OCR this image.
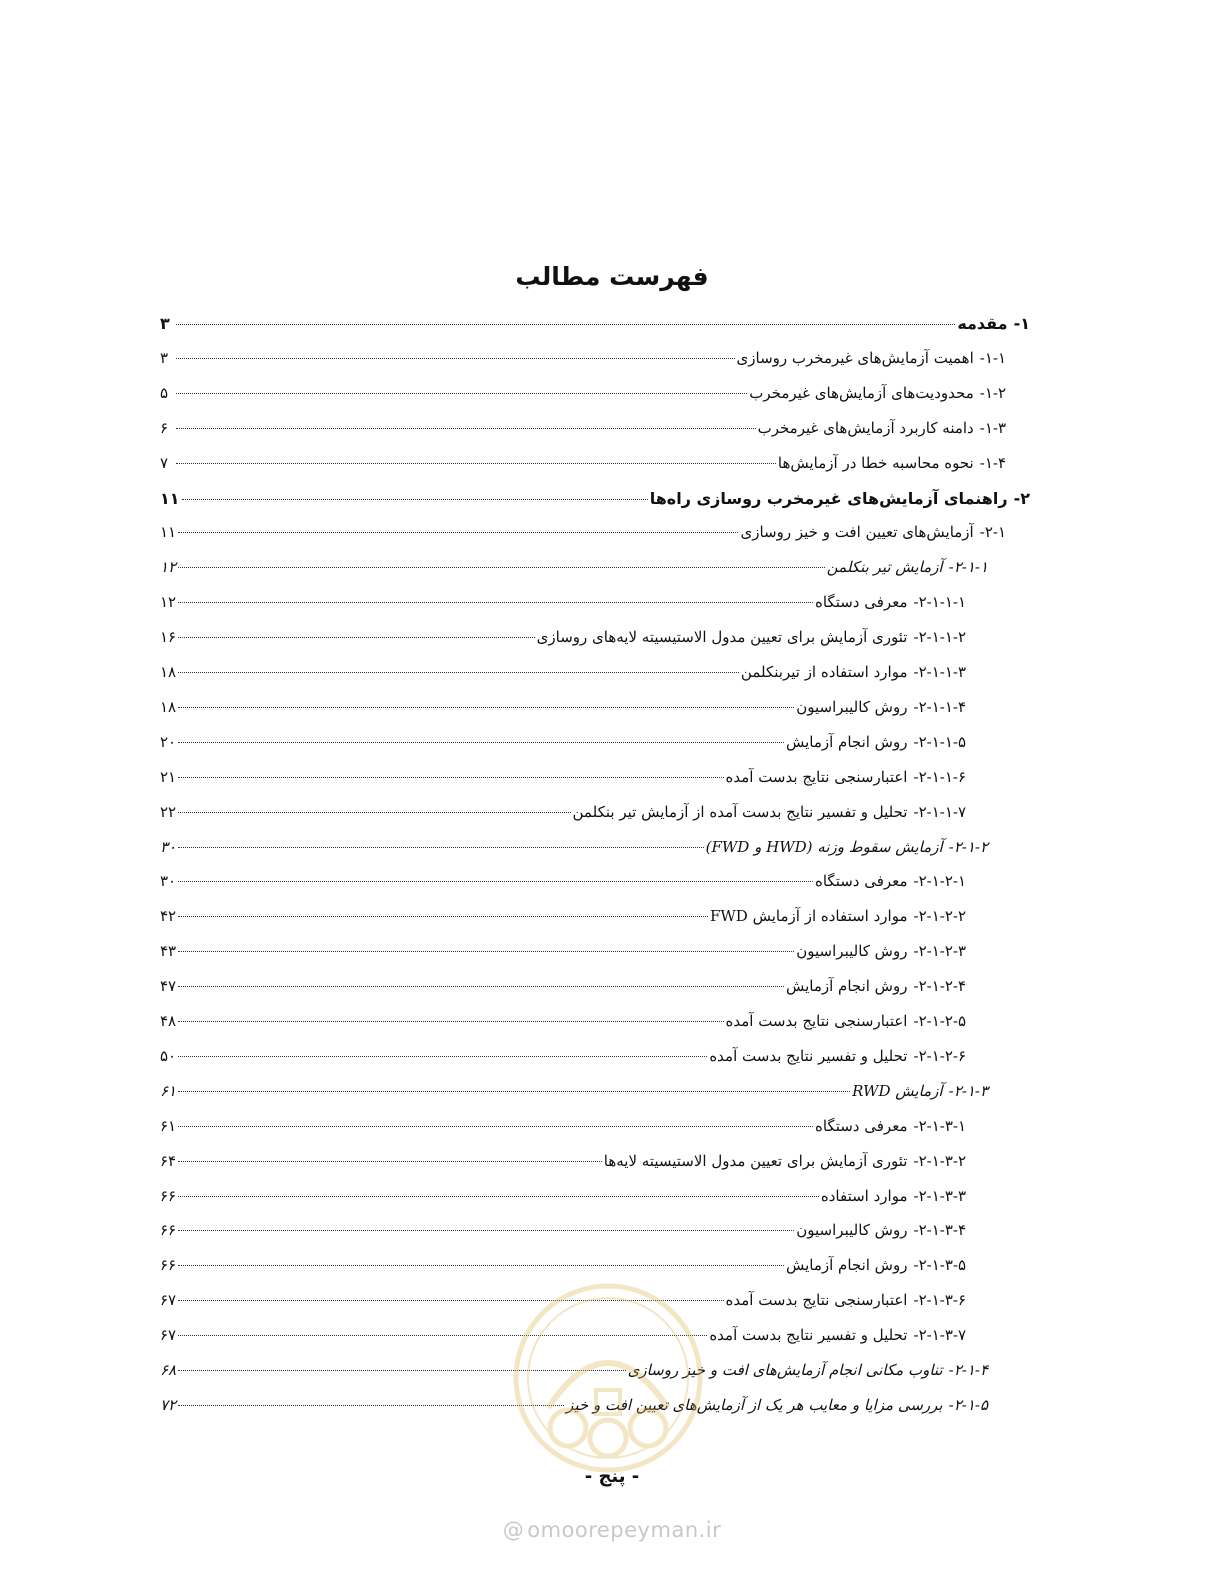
فهرست مطالب
۱-
مقدمه
۳
۱-۱-
اهمیت آزمایش‌های غیرمخرب روسازی
۳
۱-۲-
محدودیت‌های آزمایش‌های غیرمخرب
۵
۱-۳-
دامنه کاربرد آزمایش‌های غیرمخرب
۶
۱-۴-
نحوه محاسبه خطا در آزمایش‌ها
۷
۲-
راهنمای آزمایش‌های غیرمخرب روسازی راه‌ها
۱۱
۲-۱-
آزمایش‌های تعیین افت و خیز روسازی
۱۱
۲-۱-۱-
آزمایش تیر بنکلمن
۱۲
۲-۱-۱-۱-
معرفی دستگاه
۱۲
۲-۱-۱-۲-
تئوری آزمایش برای تعیین مدول الاستیسیته لایه‌های روسازی
۱۶
۲-۱-۱-۳-
موارد استفاده از تیربنکلمن
۱۸
۲-۱-۱-۴-
روش کالیبراسیون
۱۸
۲-۱-۱-۵-
روش انجام آزمایش
۲۰
۲-۱-۱-۶-
اعتبارسنجی نتایج بدست آمده
۲۱
۲-۱-۱-۷-
تحلیل و تفسیر نتایج بدست آمده از آزمایش تیر بنکلمن
۲۲
۲-۱-۲-
آزمایش سقوط وزنه (HWD و FWD)
۳۰
۲-۱-۲-۱-
معرفی دستگاه
۳۰
۲-۱-۲-۲-
موارد استفاده از آزمایش FWD
۴۲
۲-۱-۲-۳-
روش کالیبراسیون
۴۳
۲-۱-۲-۴-
روش انجام آزمایش
۴۷
۲-۱-۲-۵-
اعتبارسنجی نتایج بدست آمده
۴۸
۲-۱-۲-۶-
تحلیل و تفسیر نتایج بدست آمده
۵۰
۲-۱-۳-
آزمایش RWD
۶۱
۲-۱-۳-۱-
معرفی دستگاه
۶۱
۲-۱-۳-۲-
تئوری آزمایش برای تعیین مدول الاستیسیته لایه‌ها
۶۴
۲-۱-۳-۳-
موارد استفاده
۶۶
۲-۱-۳-۴-
روش کالیبراسیون
۶۶
۲-۱-۳-۵-
روش انجام آزمایش
۶۶
۲-۱-۳-۶-
اعتبارسنجی نتایج بدست آمده
۶۷
۲-۱-۳-۷-
تحلیل و تفسیر نتایج بدست آمده
۶۷
۲-۱-۴-
تناوب مکانی انجام آزمایش‌های افت و خیز روسازی
۶۸
۲-۱-۵-
بررسی مزایا و معایب هر یک از آزمایش‌های تعیین افت و خیز
۷۲
- پنج -
@ omoorepeyman.ir
